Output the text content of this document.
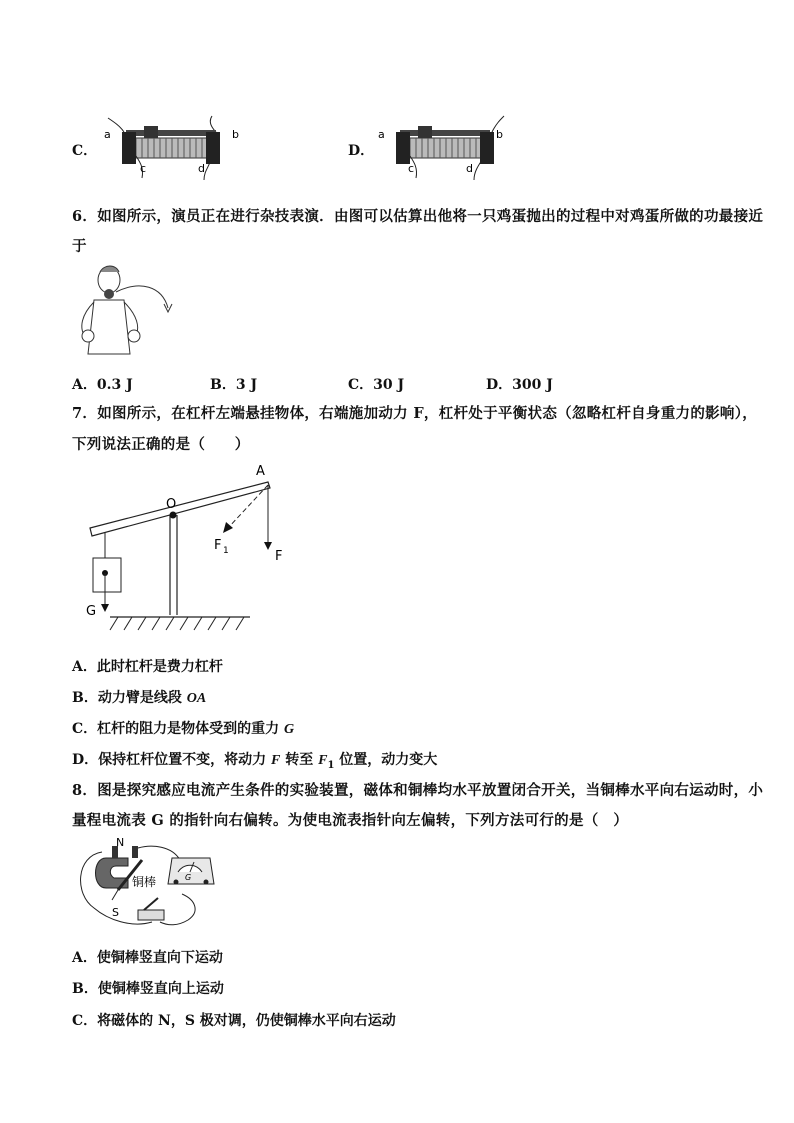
C．
a	b
c	d
D．
a	b
c	d
6．如图所示，演员正在进行杂技表演．由图可以估算出他将一只鸡蛋抛出的过程中对鸡蛋所做的功最接近
于
A．0.3 J	B．3 J	C．30 J	D．300 J
7．如图所示，在杠杆左端悬挂物体，右端施加动力 F，杠杆处于平衡状态（忽略杠杆自身重力的影响），
下列说法正确的是（　　）
A
O
F 1	F
G
A．此时杠杆是费力杠杆
B．动力臂是线段 OA
C．杠杆的阻力是物体受到的重力 G
D．保持杠杆位置不变，将动力 F 转至 $F_1$ 位置，动力变大
8．图是探究感应电流产生条件的实验装置，磁体和铜棒均水平放置闭合开关，当铜棒水平向右运动时，小
量程电流表 G 的指针向右偏转。为使电流表指针向左偏转，下列方法可行的是（　）
N
S
铜棒	G
A．使铜棒竖直向下运动
B．使铜棒竖直向上运动
C．将磁体的 N，S 极对调，仍使铜棒水平向右运动
